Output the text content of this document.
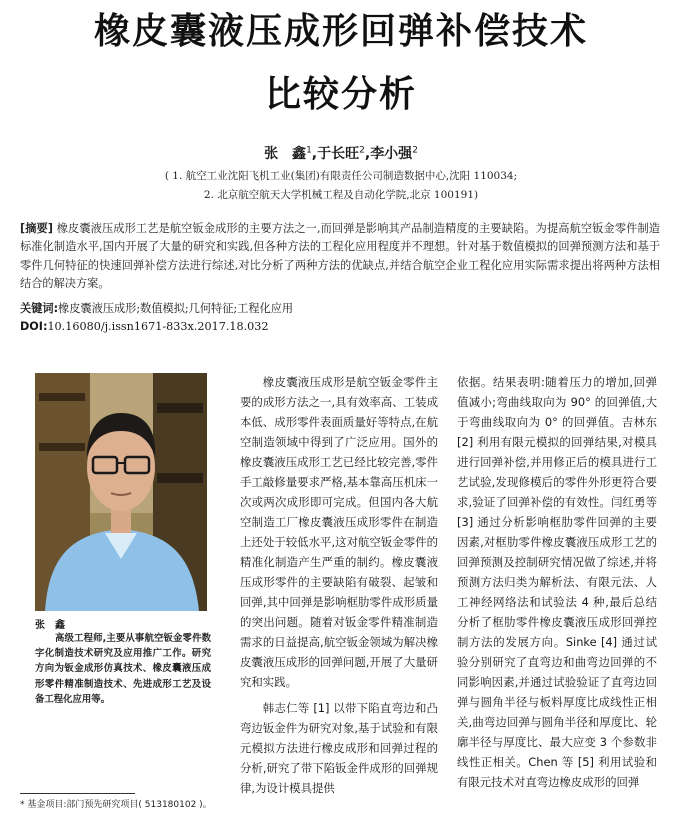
橡皮囊液压成形回弹补偿技术
比较分析
张　鑫$^1$,于长旺$^2$,李小强$^2$
( 1. 航空工业沈阳飞机工业(集团)有限责任公司制造数据中心,沈阳 110034;
2. 北京航空航天大学机械工程及自动化学院,北京 100191)
[摘要] 橡皮囊液压成形工艺是航空钣金成形的主要方法之一,而回弹是影响其产品制造精度的主要缺陷。为提高航空钣金零件制造标准化制造水平,国内开展了大量的研究和实践,但各种方法的工程化应用程度并不理想。针对基于数值模拟的回弹预测方法和基于零件几何特征的快速回弹补偿方法进行综述,对比分析了两种方法的优缺点,并结合航空企业工程化应用实际需求提出将两种方法相结合的解决方案。
关键词:橡皮囊液压成形;数值模拟;几何特征;工程化应用
DOI:10.16080/j.issn1671-833x.2017.18.032
张　鑫
高级工程师,主要从事航空钣金零件数字化制造技术研究及应用推广工作。研究方向为钣金成形仿真技术、橡皮囊液压成形零件精准制造技术、先进成形工艺及设备工程化应用等。

橡皮囊液压成形是航空钣金零件主要的成形方法之一,具有效率高、工装成本低、成形零件表面质量好等特点,在航空制造领域中得到了广泛应用。国外的橡皮囊液压成形工艺已经比较完善,零件手工敲修量要求严格,基本靠高压机床一次或两次成形即可完成。但国内各大航空制造工厂橡皮囊液压成形零件在制造上还处于较低水平,这对航空钣金零件的精准化制造产生严重的制约。橡皮囊液压成形零件的主要缺陷有破裂、起皱和回弹,其中回弹是影响框肋零件成形质量的突出问题。随着对钣金零件精准制造需求的日益提高,航空钣金领域为解决橡皮囊液压成形的回弹问题,开展了大量研究和实践。

韩志仁等 [1] 以带下陷直弯边和凸弯边钣金件为研究对象,基于试验和有限元模拟方法进行橡皮成形和回弹过程的分析,研究了带下陷钣金件成形的回弹规律,为设计模具提供

依据。结果表明:随着压力的增加,回弹值减小;弯曲线取向为 90° 的回弹值,大于弯曲线取向为 0° 的回弹值。吉林东 [2] 利用有限元模拟的回弹结果,对模具进行回弹补偿,并用修正后的模具进行工艺试验,发现修模后的零件外形更符合要求,验证了回弹补偿的有效性。闫红勇等 [3] 通过分析影响框肋零件回弹的主要因素,对框肋零件橡皮囊液压成形工艺的回弹预测及控制研究情况做了综述,并将预测方法归类为解析法、有限元法、人工神经网络法和试验法 4 种,最后总结分析了框肋零件橡皮囊液压成形回弹控制方法的发展方向。Sinke [4] 通过试验分别研究了直弯边和曲弯边回弹的不同影响因素,并通过试验验证了直弯边回弹与圆角半径与板料厚度比成线性正相关,曲弯边回弹与圆角半径和厚度比、轮廓半径与厚度比、最大应变 3 个参数非线性正相关。Chen 等 [5] 利用试验和有限元技术对直弯边橡皮成形的回弹

* 基金项目:部门预先研究项目( 513180102 )。
